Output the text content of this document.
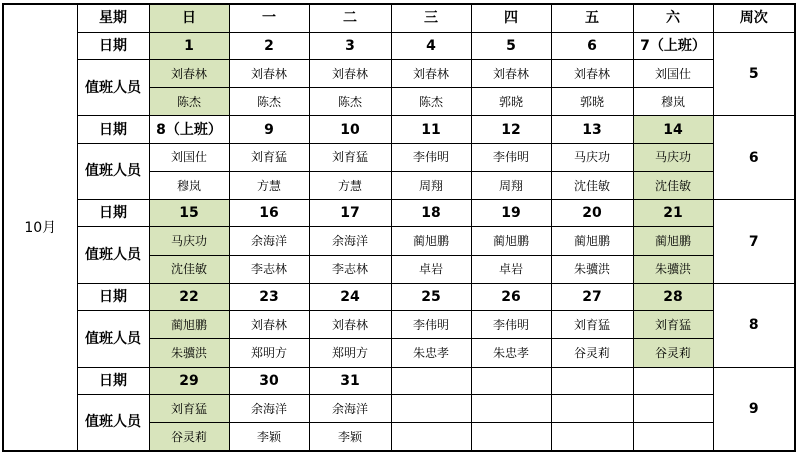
10月	星期	日	一	二	三	四	五	六	周次
	日期	1	2	3	4	5	6	7（上班）	5
	值班人员	刘春林	刘春林	刘春林	刘春林	刘春林	刘春林	刘国仕	
		陈杰	陈杰	陈杰	陈杰	郭晓	郭晓	穆岚	
	日期	8（上班）	9	10	11	12	13	14	6
	值班人员	刘国仕	刘育猛	刘育猛	李伟明	李伟明	马庆功	马庆功	
		穆岚	方慧	方慧	周翔	周翔	沈佳敏	沈佳敏	
	日期	15	16	17	18	19	20	21	7
	值班人员	马庆功	余海洋	余海洋	蔺旭鹏	蔺旭鹏	蔺旭鹏	蔺旭鹏	
		沈佳敏	李志林	李志林	卓岩	卓岩	朱骥洪	朱骥洪	
	日期	22	23	24	25	26	27	28	8
	值班人员	蔺旭鹏	刘春林	刘春林	李伟明	李伟明	刘育猛	刘育猛	
		朱骥洪	郑明方	郑明方	朱忠孝	朱忠孝	谷灵莉	谷灵莉	
	日期	29	30	31					9
	值班人员	刘育猛	余海洋	余海洋					
		谷灵莉	李颖	李颖					
